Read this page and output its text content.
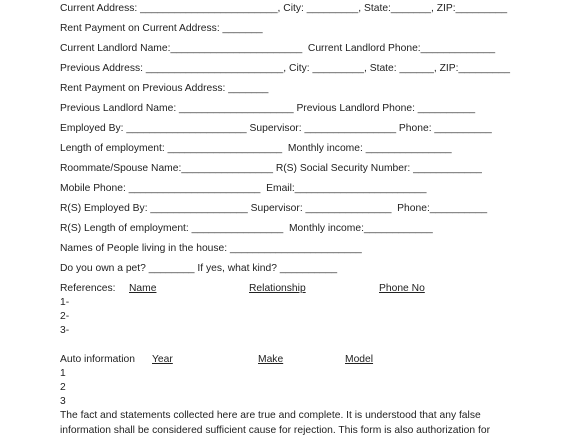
Current Address: ________________________, City: _________, State:_______, ZIP:_________
Rent Payment on Current Address: _______
Current Landlord Name:_______________________  Current Landlord Phone:_____________
Previous Address: ________________________, City: _________, State: ______, ZIP:_________
Rent Payment on Previous Address: _______
Previous Landlord Name: ____________________ Previous Landlord Phone: __________
Employed By: _____________________ Supervisor: ________________ Phone: __________
Length of employment: ____________________  Monthly income: _______________
Roommate/Spouse Name:________________ R(S) Social Security Number: ____________
Mobile Phone: _______________________  Email:_______________________
R(S) Employed By: _________________ Supervisor: _______________  Phone:__________
R(S) Length of employment: ________________  Monthly income:____________
Names of People living in the house: _______________________
Do you own a pet? ________ If yes, what kind? __________
References: Name	Relationship	Phone No
1-
2-
3-
Auto information Year	Make	Model
1
2
3
The fact and statements collected here are true and complete. It is understood that any false
information shall be considered sufficient cause for rejection. This form is also authorization for
